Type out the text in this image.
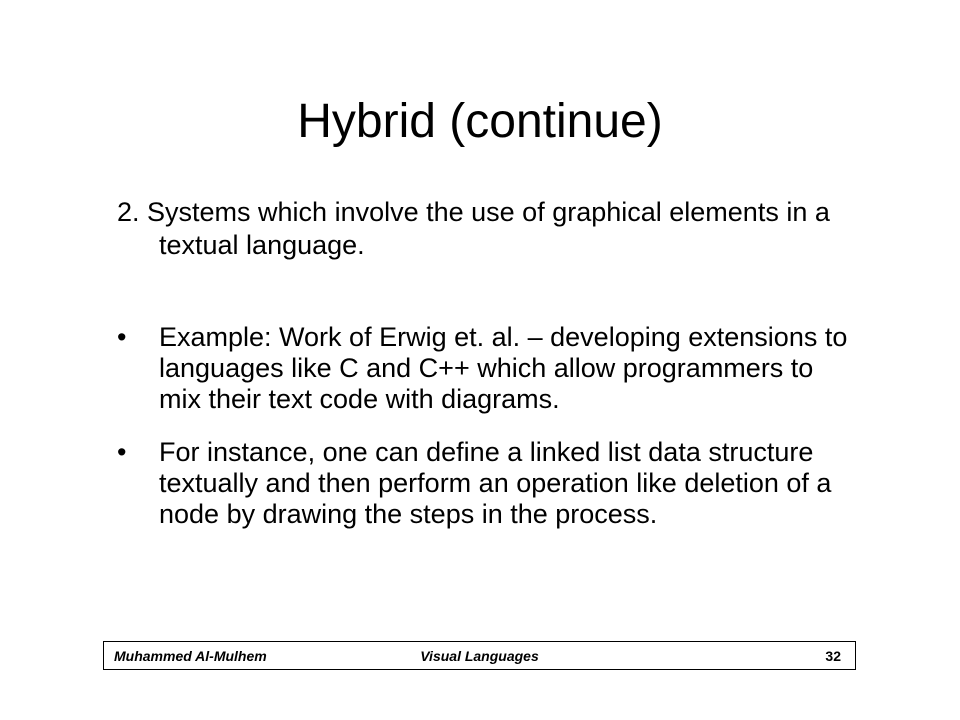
Hybrid (continue)

2. Systems which involve the use of graphical elements in a textual language.

•	Example: Work of Erwig et. al. – developing extensions to languages like C and C++ which allow programmers to mix their text code with diagrams.
•	For instance, one can define a linked list data structure textually and then perform an operation like deletion of a node by drawing the steps in the process.
Muhammed Al-Mulhem	Visual Languages	32
